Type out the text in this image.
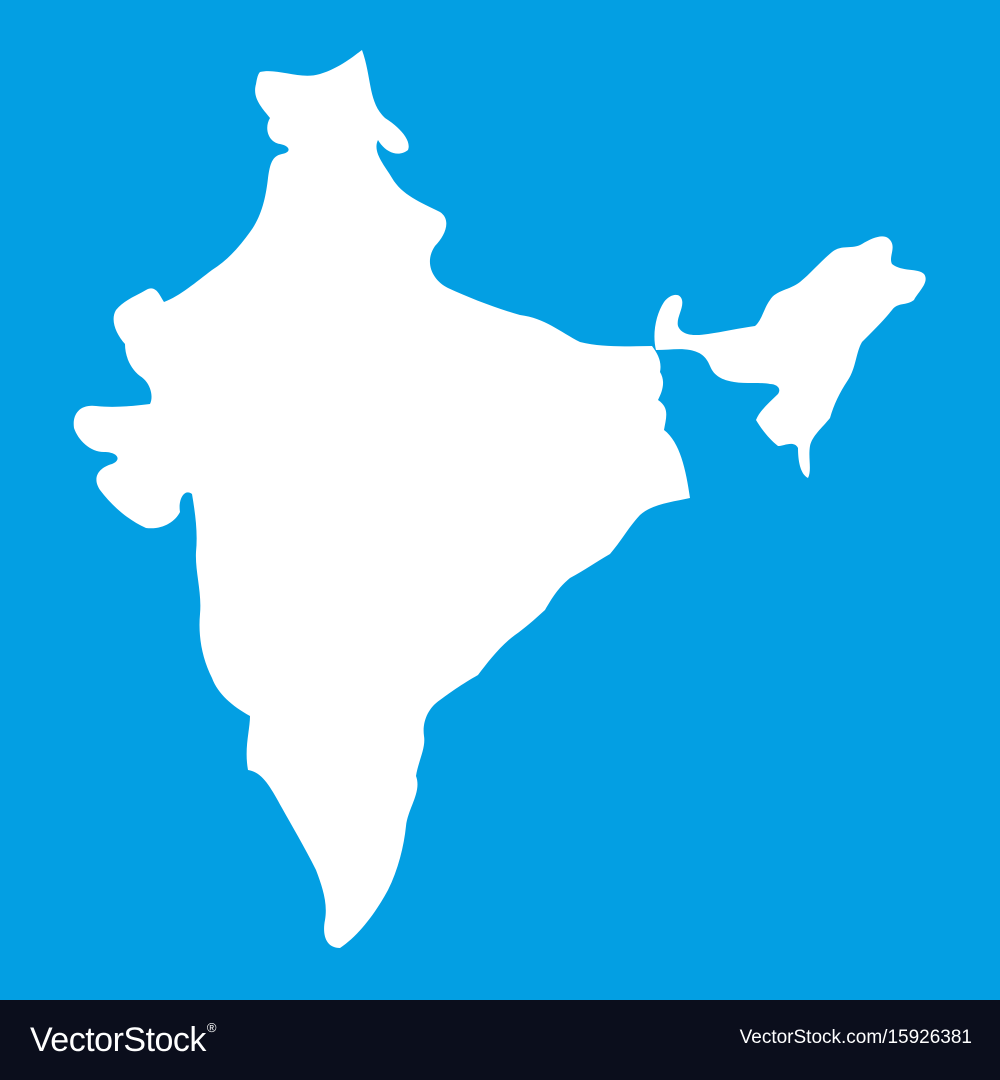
VectorStock ®	VectorStock.com/15926381
